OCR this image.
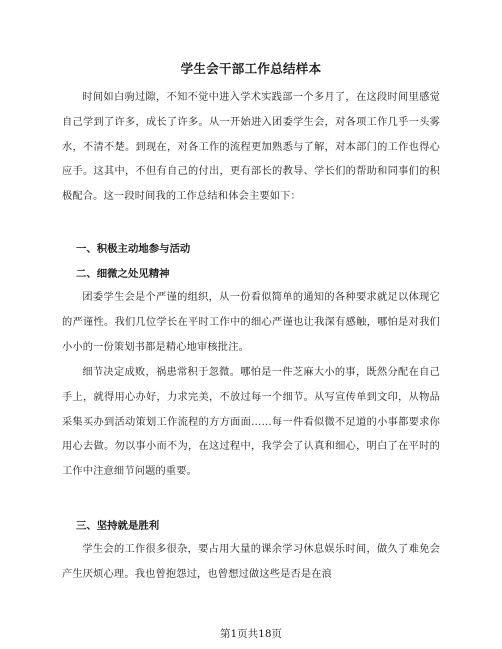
学生会干部工作总结样本

时间如白驹过隙，不知不觉中进入学术实践部一个多月了，在这段时间里感觉自己学到了许多，成长了许多。从一开始进入团委学生会，对各项工作几乎一头雾水，不清不楚。到现在，对各工作的流程更加熟悉与了解，对本部门的工作也得心应手。这其中，不但有自己的付出，更有部长的教导、学长们的帮助和同事们的积极配合。这一段时间我的工作总结和体会主要如下：

一、积极主动地参与活动
二、细微之处见精神

团委学生会是个严谨的组织，从一份看似简单的通知的各种要求就足以体现它的严谨性。我们几位学长在平时工作中的细心严谨也让我深有感触，哪怕是对我们小小的一份策划书都是精心地审核批注。

细节决定成败，祸患常积于忽微。哪怕是一件芝麻大小的事，既然分配在自己手上，就得用心办好，力求完美，不放过每一个细节。从写宣传单到文印，从物品采集买办到活动策划工作流程的方方面面……每一件看似微不足道的小事都要求你用心去做。勿以事小而不为，在这过程中，我学会了认真和细心，明白了在平时的工作中注意细节问题的重要。

三、坚持就是胜利

学生会的工作很多很杂，要占用大量的课余学习休息娱乐时间，做久了难免会产生厌烦心理。我也曾抱怨过，也曾想过做这些是否是在浪

第1页共18页
